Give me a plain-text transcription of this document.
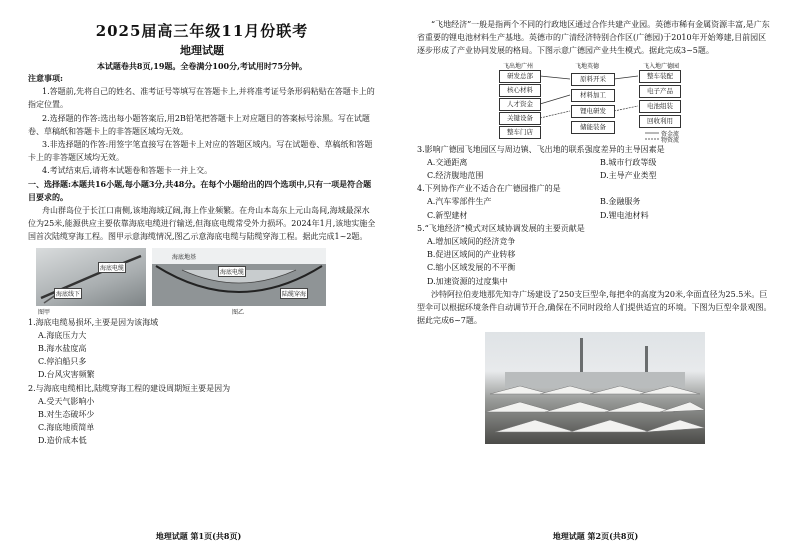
2025届高三年级11月份联考

地理试题

本试题卷共8页,19题。全卷满分100分,考试用时75分钟。

注意事项:

1.答题前,先将自己的姓名、准考证号等填写在答题卡上,并将准考证号条形码粘贴在答题卡上的指定位置。

2.选择题的作答:选出每小题答案后,用2B铅笔把答题卡上对应题目的答案标号涂黑。写在试题卷、草稿纸和答题卡上的非答题区域均无效。

3.非选择题的作答:用签字笔直接写在答题卡上对应的答题区域内。写在试题卷、草稿纸和答题卡上的非答题区域均无效。

4.考试结束后,请将本试题卷和答题卡一并上交。

一、选择题:本题共16小题,每小题3分,共48分。在每个小题给出的四个选项中,只有一项是符合题目要求的。

舟山群岛位于长江口南侧,该地海域辽阔,海上作业频繁。在舟山本岛东上元山岛间,海域最深水位为25米,能源供应主要依靠海底电缆进行输送,但海底电缆常受外力损坏。2024年1月,该地实施全国首次陆缆穿海工程。图甲示意海缆情况,图乙示意海底电缆与陆缆穿海工程。据此完成1~2题。

海底电缆
海底线下
图甲
海底地基
海底电缆
陆缆穿海
图乙

1.海底电缆易损坏,主要是因为该海域

A.海底压力大

B.海水盐度高

C.停泊船只多

D.台风灾害频繁

2.与海底电缆相比,陆缆穿海工程的建设周期短主要是因为

A.受天气影响小

B.对生态破坏少

C.海底地质简单

D.造价成本低

地理试题 第1页(共8页)

“飞地经济”一般是指两个不同的行政地区通过合作共建产业园。英德市稀有金属资源丰富,是广东省重要的锂电池材料生产基地。英德市的广清经济特别合作区(广德园)于2010年开始筹建,目前园区逐步形成了产业协同发展的格局。下图示意广德园产业共生模式。据此完成3~5题。

飞出地广州	飞地英德	飞入地广德园
研发总部
核心材料
人才资金
关键设备
整车门店
原料开采
材料加工
锂电研发
储能装备
整车装配
电子产品
电池组装
回收利用
资金流
物资流

3.影响广德园飞地园区与周边镇、飞出地的联系强度差异的主导因素是

A.交通距离	B.城市行政等级

C.经济腹地范围	D.主导产业类型

4.下列协作产业不适合在广德园推广的是

A.汽车零部件生产	B.金融服务

C.新型建材	D.锂电池材料

5.“飞地经济”模式对区域协调发展的主要贡献是

A.增加区域间的经济竞争

B.促进区域间的产业转移

C.缩小区域发展的不平衡

D.加速资源的过度集中

沙特阿拉伯麦地那先知寺广场建设了250支巨型伞,每把伞的高度为20米,伞面直径为25.5米。巨型伞可以根据环境条件自动调节开合,确保在不同时段给人们提供适宜的环境。下图为巨型伞景观图。据此完成6~7题。

地理试题 第2页(共8页)
